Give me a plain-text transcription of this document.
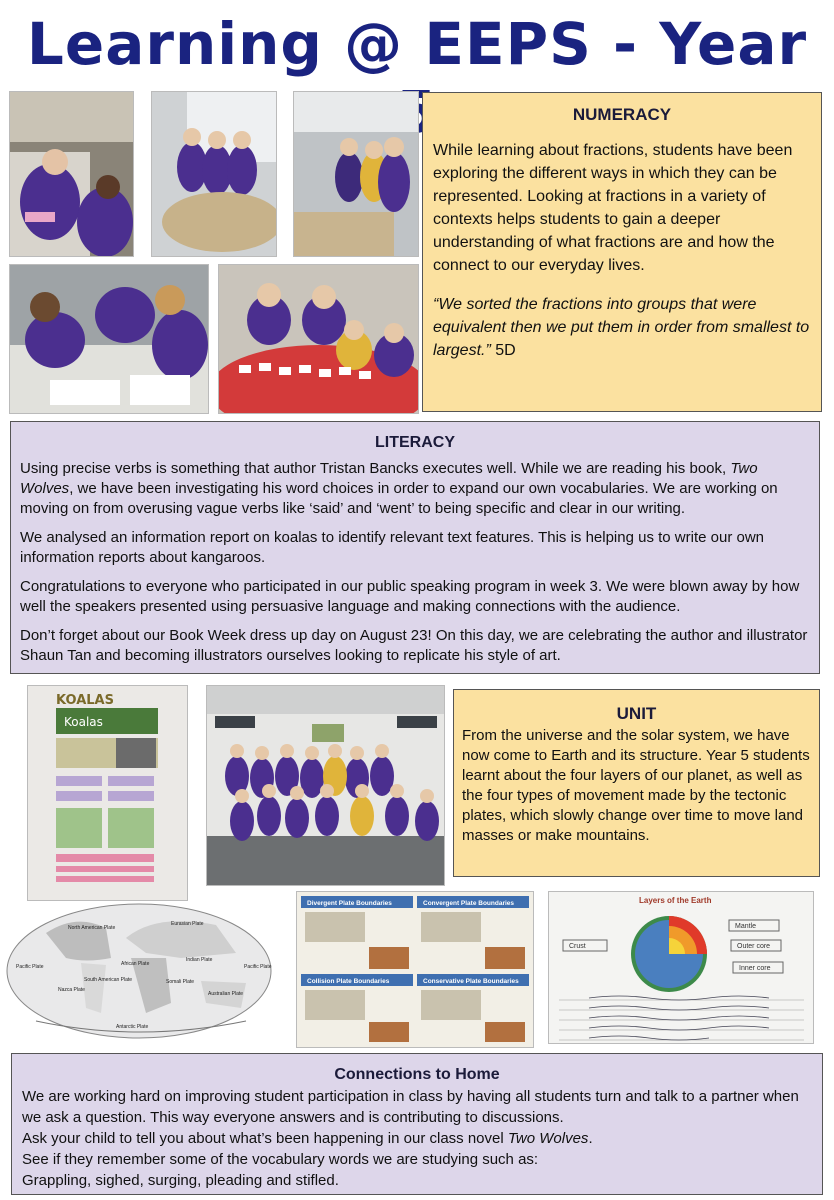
Learning @ EEPS - Year
NUMERACY

While learning about fractions, students have been exploring the different ways in which they can be represented. Looking at fractions in a variety of contexts helps students to gain a deeper understanding of what fractions are and how the connect to our everyday lives.

“We sorted the fractions into groups that were equivalent then we put them in order from smallest to largest.” 5D

LITERACY

Using precise verbs is something that author Tristan Bancks executes well. While we are reading his book, Two Wolves, we have been investigating his word choices in order to expand our own vocabularies. We are working on moving on from overusing vague verbs like ‘said’ and ‘went’ to being specific and clear in our writing.

We analysed an information report on koalas to identify relevant text features. This is helping us to write our own information reports about kangaroos.

Congratulations to everyone who participated in our public speaking program in week 3. We were blown away by how well the speakers presented using persuasive language and making connections with the audience.

Don’t forget about our Book Week dress up day on August 23! On this day, we are celebrating the author and illustrator Shaun Tan and becoming illustrators ourselves looking to replicate his style of art.

KOALAS
Koalas	UNIT

From the universe and the solar system, we have now come to Earth and its structure. Year 5 students learnt about the four layers of our planet, as well as the four types of movement made by the tectonic plates, which slowly change over time to move land masses or make mountains.

North American Plate
Eurasian Plate
Pacific Plate	African Plate
Indian Plate
South American Plate	Somali Plate
Australian Plate
Pacific Plate
Antarctic Plate
Nazca Plate
Divergent Plate Boundaries	Convergent Plate Boundaries
Collision Plate Boundaries	Conservative Plate Boundaries
Layers of the Earth
Mantle
Outer core
Inner core
Crust
Connections to Home

We are working hard on improving student participation in class by having all students turn and talk to a partner when we ask a question. This way everyone answers and is contributing to discussions.

Ask your child to tell you about what’s been happening in our class novel Two Wolves.

See if they remember some of the vocabulary words we are studying such as:

Grappling, sighed, surging, pleading and stifled.
